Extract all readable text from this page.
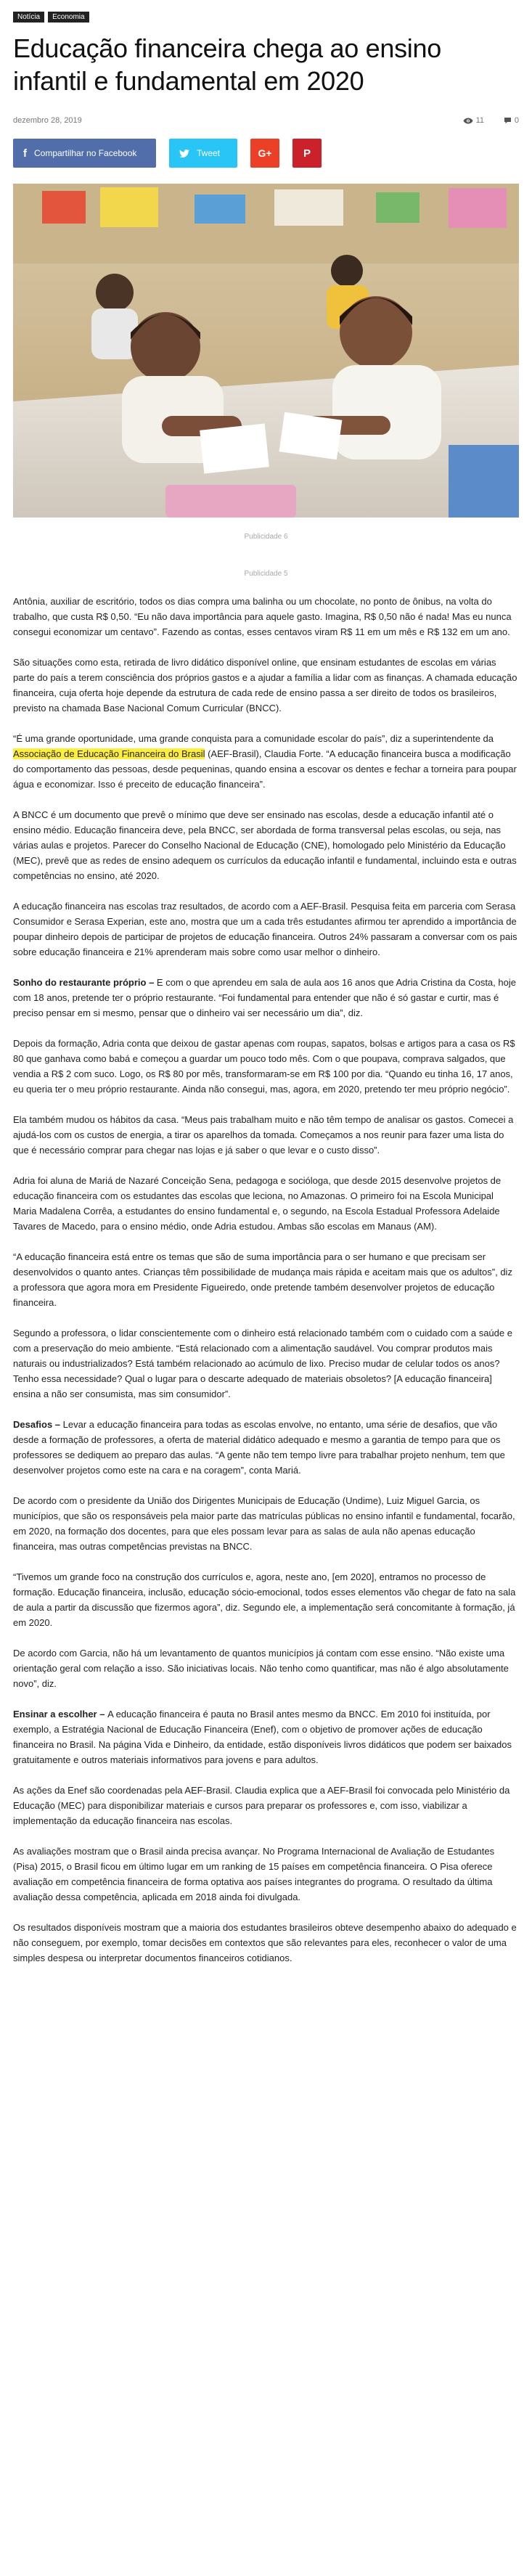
Notícia	Economia
Educação financeira chega ao ensino infantil e fundamental em 2020
dezembro 28, 2019	11	0
f Compartilhar no Facebook	Tweet	G+	P
Publicidade 6
Publicidade 5

Antônia, auxiliar de escritório, todos os dias compra uma balinha ou um chocolate, no ponto de ônibus, na volta do trabalho, que custa R$ 0,50. “Eu não dava importância para aquele gasto. Imagina, R$ 0,50 não é nada! Mas eu nunca consegui economizar um centavo”. Fazendo as contas, esses centavos viram R$ 11 em um mês e R$ 132 em um ano.

São situações como esta, retirada de livro didático disponível online, que ensinam estudantes de escolas em várias parte do país a terem consciência dos próprios gastos e a ajudar a família a lidar com as finanças. A chamada educação financeira, cuja oferta hoje depende da estrutura de cada rede de ensino passa a ser direito de todos os brasileiros, previsto na chamada Base Nacional Comum Curricular (BNCC).

“É uma grande oportunidade, uma grande conquista para a comunidade escolar do país”, diz a superintendente da Associação de Educação Financeira do Brasil (AEF-Brasil), Claudia Forte. “A educação financeira busca a modificação do comportamento das pessoas, desde pequeninas, quando ensina a escovar os dentes e fechar a torneira para poupar água e economizar. Isso é preceito de educação financeira”.

A BNCC é um documento que prevê o mínimo que deve ser ensinado nas escolas, desde a educação infantil até o ensino médio. Educação financeira deve, pela BNCC, ser abordada de forma transversal pelas escolas, ou seja, nas várias aulas e projetos. Parecer do Conselho Nacional de Educação (CNE), homologado pelo Ministério da Educação (MEC), prevê que as redes de ensino adequem os currículos da educação infantil e fundamental, incluindo esta e outras competências no ensino, até 2020.

A educação financeira nas escolas traz resultados, de acordo com a AEF-Brasil. Pesquisa feita em parceria com Serasa Consumidor e Serasa Experian, este ano, mostra que um a cada três estudantes afirmou ter aprendido a importância de poupar dinheiro depois de participar de projetos de educação financeira. Outros 24% passaram a conversar com os pais sobre educação financeira e 21% aprenderam mais sobre como usar melhor o dinheiro.

Sonho do restaurante próprio – E com o que aprendeu em sala de aula aos 16 anos que Adria Cristina da Costa, hoje com 18 anos, pretende ter o próprio restaurante. “Foi fundamental para entender que não é só gastar e curtir, mas é preciso pensar em si mesmo, pensar que o dinheiro vai ser necessário um dia”, diz.

Depois da formação, Adria conta que deixou de gastar apenas com roupas, sapatos, bolsas e artigos para a casa os R$ 80 que ganhava como babá e começou a guardar um pouco todo mês. Com o que poupava, comprava salgados, que vendia a R$ 2 com suco. Logo, os R$ 80 por mês, transformaram-se em R$ 100 por dia. “Quando eu tinha 16, 17 anos, eu queria ter o meu próprio restaurante. Ainda não consegui, mas, agora, em 2020, pretendo ter meu próprio negócio”.

Ela também mudou os hábitos da casa. “Meus pais trabalham muito e não têm tempo de analisar os gastos. Comecei a ajudá-los com os custos de energia, a tirar os aparelhos da tomada. Começamos a nos reunir para fazer uma lista do que é necessário comprar para chegar nas lojas e já saber o que levar e o custo disso”.

Adria foi aluna de Mariá de Nazaré Conceição Sena, pedagoga e socióloga, que desde 2015 desenvolve projetos de educação financeira com os estudantes das escolas que leciona, no Amazonas. O primeiro foi na Escola Municipal Maria Madalena Corrêa, a estudantes do ensino fundamental e, o segundo, na Escola Estadual Professora Adelaide Tavares de Macedo, para o ensino médio, onde Adria estudou. Ambas são escolas em Manaus (AM).

“A educação financeira está entre os temas que são de suma importância para o ser humano e que precisam ser desenvolvidos o quanto antes. Crianças têm possibilidade de mudança mais rápida e aceitam mais que os adultos”, diz a professora que agora mora em Presidente Figueiredo, onde pretende também desenvolver projetos de educação financeira.

Segundo a professora, o lidar conscientemente com o dinheiro está relacionado também com o cuidado com a saúde e com a preservação do meio ambiente. “Está relacionado com a alimentação saudável. Vou comprar produtos mais naturais ou industrializados? Está também relacionado ao acúmulo de lixo. Preciso mudar de celular todos os anos? Tenho essa necessidade? Qual o lugar para o descarte adequado de materiais obsoletos? [A educação financeira] ensina a não ser consumista, mas sim consumidor”.

Desafios – Levar a educação financeira para todas as escolas envolve, no entanto, uma série de desafios, que vão desde a formação de professores, a oferta de material didático adequado e mesmo a garantia de tempo para que os professores se dediquem ao preparo das aulas. “A gente não tem tempo livre para trabalhar projeto nenhum, tem que desenvolver projetos como este na cara e na coragem”, conta Mariá.

De acordo com o presidente da União dos Dirigentes Municipais de Educação (Undime), Luiz Miguel Garcia, os municípios, que são os responsáveis pela maior parte das matrículas públicas no ensino infantil e fundamental, focarão, em 2020, na formação dos docentes, para que eles possam levar para as salas de aula não apenas educação financeira, mas outras competências previstas na BNCC.

“Tivemos um grande foco na construção dos currículos e, agora, neste ano, [em 2020], entramos no processo de formação. Educação financeira, inclusão, educação sócio-emocional, todos esses elementos vão chegar de fato na sala de aula a partir da discussão que fizermos agora”, diz. Segundo ele, a implementação será concomitante à formação, já em 2020.

De acordo com Garcia, não há um levantamento de quantos municípios já contam com esse ensino. “Não existe uma orientação geral com relação a isso. São iniciativas locais. Não tenho como quantificar, mas não é algo absolutamente novo”, diz.

Ensinar a escolher – A educação financeira é pauta no Brasil antes mesmo da BNCC. Em 2010 foi instituída, por exemplo, a Estratégia Nacional de Educação Financeira (Enef), com o objetivo de promover ações de educação financeira no Brasil. Na página Vida e Dinheiro, da entidade, estão disponíveis livros didáticos que podem ser baixados gratuitamente e outros materiais informativos para jovens e para adultos.

As ações da Enef são coordenadas pela AEF-Brasil. Claudia explica que a AEF-Brasil foi convocada pelo Ministério da Educação (MEC) para disponibilizar materiais e cursos para preparar os professores e, com isso, viabilizar a implementação da educação financeira nas escolas.

As avaliações mostram que o Brasil ainda precisa avançar. No Programa Internacional de Avaliação de Estudantes (Pisa) 2015, o Brasil ficou em último lugar em um ranking de 15 países em competência financeira. O Pisa oferece avaliação em competência financeira de forma optativa aos países integrantes do programa. O resultado da última avaliação dessa competência, aplicada em 2018 ainda foi divulgada.

Os resultados disponíveis mostram que a maioria dos estudantes brasileiros obteve desempenho abaixo do adequado e não conseguem, por exemplo, tomar decisões em contextos que são relevantes para eles, reconhecer o valor de uma simples despesa ou interpretar documentos financeiros cotidianos.
